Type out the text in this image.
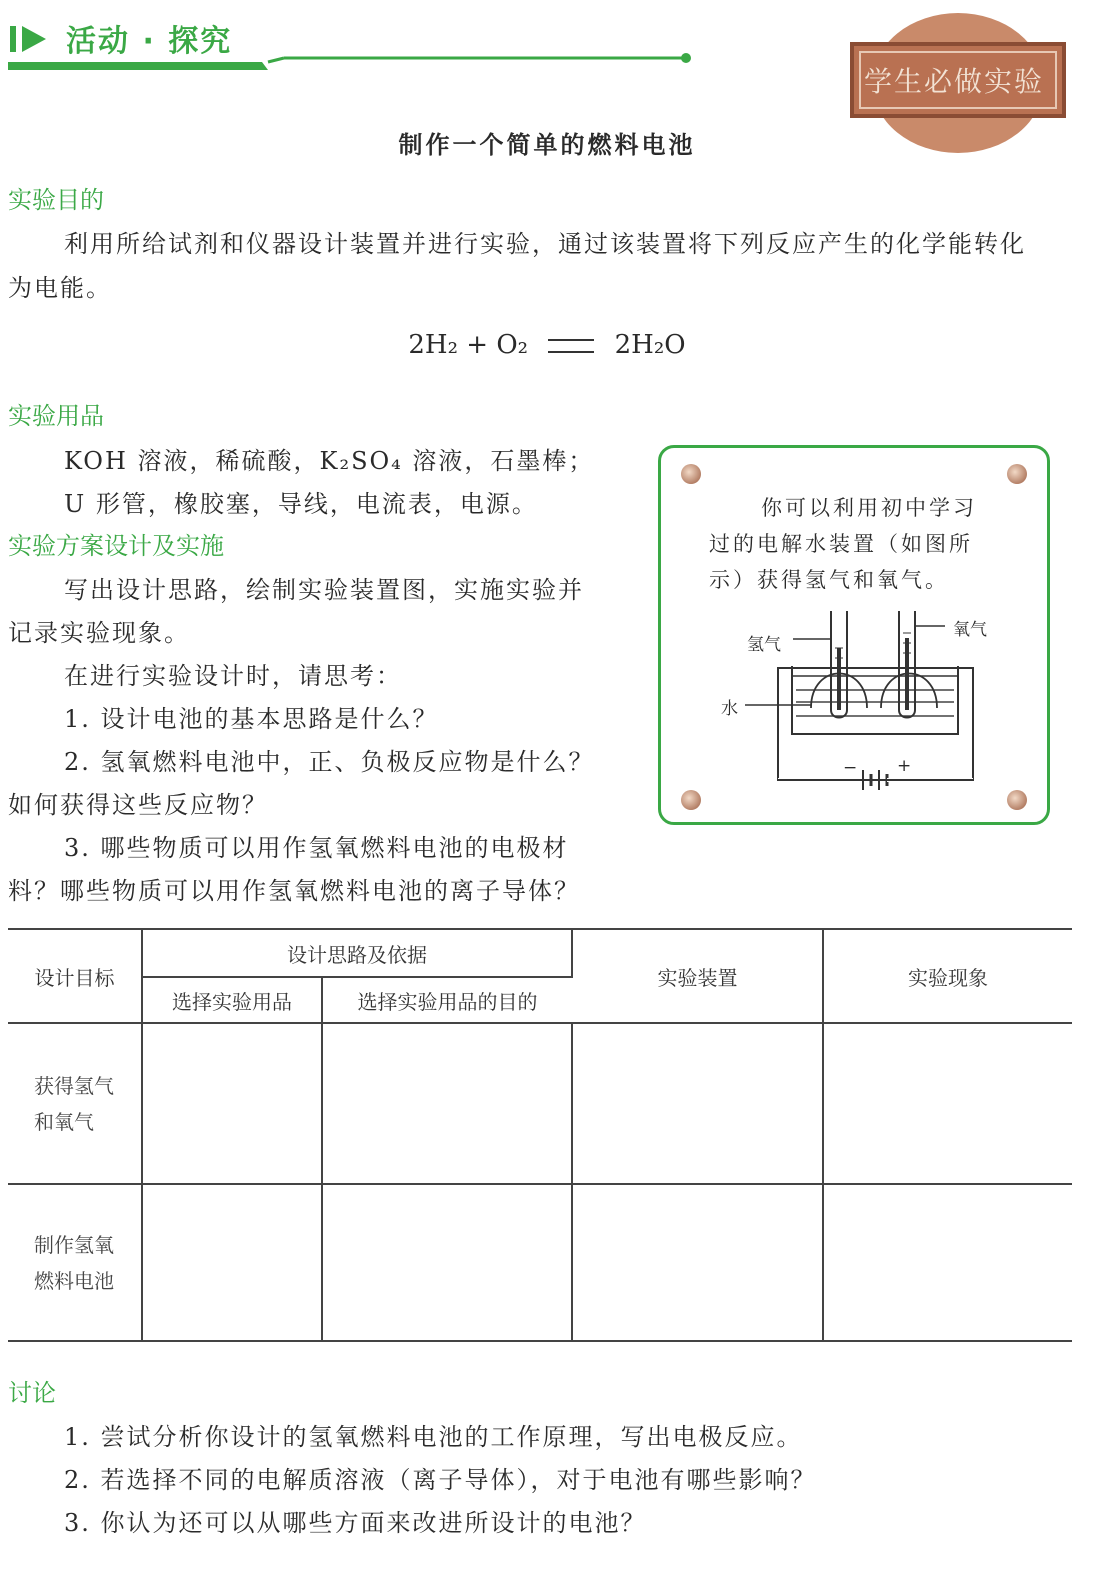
活动 · 探究
学生必做实验
制作一个简单的燃料电池
实验目的
利用所给试剂和仪器设计装置并进行实验，通过该装置将下列反应产生的化学能转化
为电能。
2H₂ + O₂	2H₂O
实验用品
KOH 溶液，稀硫酸，K₂SO₄ 溶液，石墨棒；
U 形管，橡胶塞，导线，电流表，电源。
实验方案设计及实施
写出设计思路，绘制实验装置图，实施实验并
记录实验现象。
在进行实验设计时，请思考：
1. 设计电池的基本思路是什么？
2. 氢氧燃料电池中，正、负极反应物是什么？
如何获得这些反应物？
3. 哪些物质可以用作氢氧燃料电池的电极材
料？哪些物质可以用作氢氧燃料电池的离子导体？
你可以利用初中学习
过的电解水装置（如图所
示）获得氢气和氧气。
氢气
氧气
水
− +
设计目标	设计思路及依据		实验装置	实验现象
	选择实验用品	选择实验用品的目的		

获得氢气
和氧气				

制作氢氧
燃料电池				

讨论
1. 尝试分析你设计的氢氧燃料电池的工作原理，写出电极反应。
2. 若选择不同的电解质溶液（离子导体），对于电池有哪些影响？
3. 你认为还可以从哪些方面来改进所设计的电池？
